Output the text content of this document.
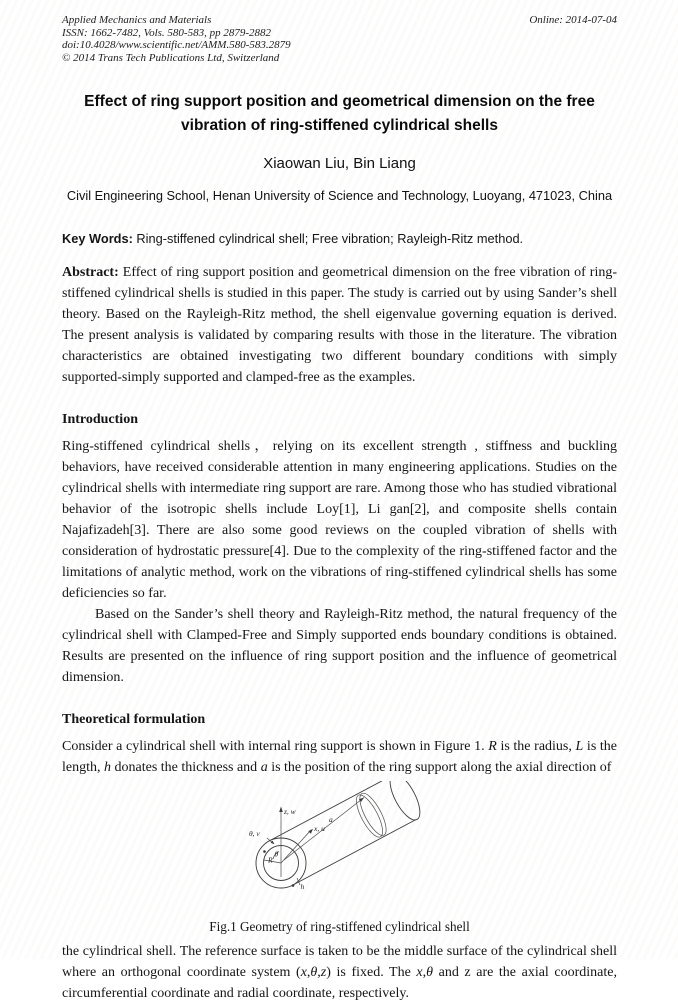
Applied Mechanics and Materials
ISSN: 1662-7482, Vols. 580-583, pp 2879-2882
doi:10.4028/www.scientific.net/AMM.580-583.2879
© 2014 Trans Tech Publications Ltd, Switzerland
Online: 2014-07-04
Effect of ring support position and geometrical dimension on the free vibration of ring-stiffened cylindrical shells
Xiaowan Liu, Bin Liang
Civil Engineering School, Henan University of Science and Technology, Luoyang, 471023, China
Key Words: Ring-stiffened cylindrical shell; Free vibration; Rayleigh-Ritz method.

Abstract: Effect of ring support position and geometrical dimension on the free vibration of ring-stiffened cylindrical shells is studied in this paper. The study is carried out by using Sander’s shell theory. Based on the Rayleigh-Ritz method, the shell eigenvalue governing equation is derived. The present analysis is validated by comparing results with those in the literature. The vibration characteristics are obtained investigating two different boundary conditions with simply supported-simply supported and clamped-free as the examples.

Introduction

Ring-stiffened cylindrical shells，relying on its excellent strength , stiffness and buckling behaviors, have received considerable attention in many engineering applications. Studies on the cylindrical shells with intermediate ring support are rare. Among those who has studied vibrational behavior of the isotropic shells include Loy[1], Li gan[2], and composite shells contain Najafizadeh[3]. There are also some good reviews on the coupled vibration of shells with consideration of hydrostatic pressure[4]. Due to the complexity of the ring-stiffened factor and the limitations of analytic method, work on the vibrations of ring-stiffened cylindrical shells has some deficiencies so far.

Based on the Sander’s shell theory and Rayleigh-Ritz method, the natural frequency of the cylindrical shell with Clamped-Free and Simply supported ends boundary conditions is obtained. Results are presented on the influence of ring support position and the influence of geometrical dimension.

Theoretical formulation

Consider a cylindrical shell with internal ring support is shown in Figure 1. R is the radius, L is the length, h donates the thickness and a is the position of the ring support along the axial direction of

z, w
x, u
θ, v
θ
R
a
h
Fig.1 Geometry of ring-stiffened cylindrical shell

the cylindrical shell. The reference surface is taken to be the middle surface of the cylindrical shell where an orthogonal coordinate system (x,θ,z) is fixed. The x,θ and z are the axial coordinate, circumferential coordinate and radial coordinate, respectively.
